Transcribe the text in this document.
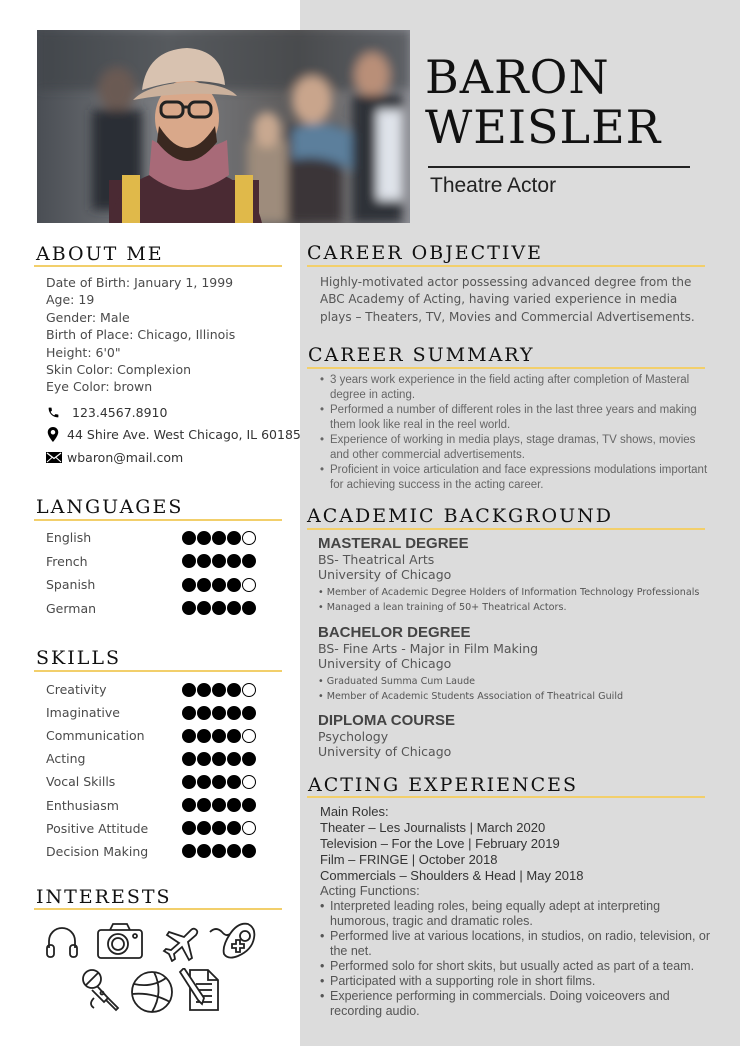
BARON
WEISLER
Theatre Actor
ABOUT ME
Date of Birth: January 1, 1999
Age: 19
Gender: Male
Birth of Place: Chicago, Illinois
Height: 6'0"
Skin Color: Complexion
Eye Color: brown
123.4567.8910
44 Shire Ave. West Chicago, IL 60185
wbaron@mail.com
LANGUAGES
English
French
Spanish
German
SKILLS
Creativity
Imaginative
Communication
Acting
Vocal Skills
Enthusiasm
Positive Attitude
Decision Making
INTERESTS
CAREER OBJECTIVE
Highly-motivated actor possessing advanced degree from the
ABC Academy of Acting, having varied experience in media
plays – Theaters, TV, Movies and Commercial Advertisements.
CAREER SUMMARY
• 3 years work experience in the field acting after completion of Masteral degree in acting.
• Performed a number of different roles in the last three years and making them look like real in the reel world.
• Experience of working in media plays, stage dramas, TV shows, movies and other commercial advertisements.
• Proficient in voice articulation and face expressions modulations important for achieving success in the acting career.
ACADEMIC BACKGROUND
MASTERAL DEGREE
BS- Theatrical Arts
University of Chicago
• Member of Academic Degree Holders of Information Technology Professionals
• Managed a lean training of 50+ Theatrical Actors.
BACHELOR DEGREE
BS- Fine Arts - Major in Film Making
University of Chicago
• Graduated Summa Cum Laude
• Member of Academic Students Association of Theatrical Guild
DIPLOMA COURSE
Psychology
University of Chicago
ACTING EXPERIENCES
Main Roles:
Theater – Les Journalists | March 2020
Television – For the Love | February 2019
Film – FRINGE | October 2018
Commercials – Shoulders & Head | May 2018
Acting Functions:
• Interpreted leading roles, being equally adept at interpreting humorous, tragic and dramatic roles.
• Performed live at various locations, in studios, on radio, television, or the net.
• Performed solo for short skits, but usually acted as part of a team.
• Participated with a supporting role in short films.
• Experience performing in commercials. Doing voiceovers and recording audio.
